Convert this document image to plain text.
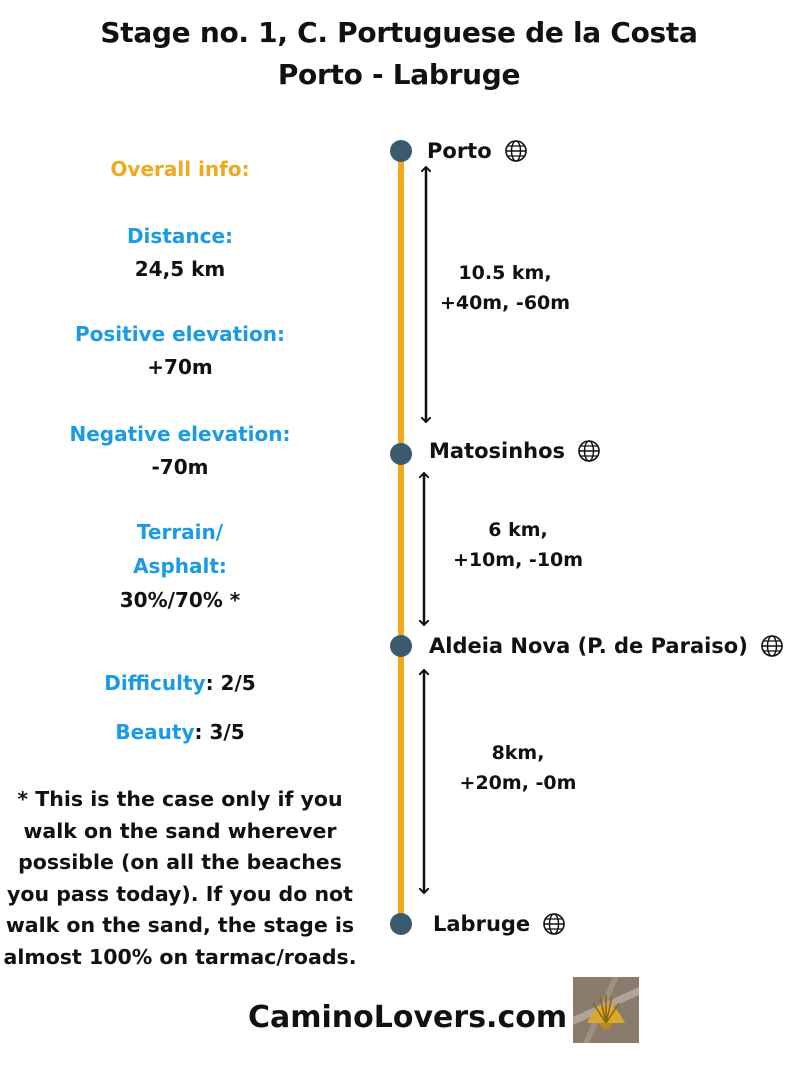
Stage no. 1, C. Portuguese de la Costa
Porto - Labruge
Overall info:
Distance:
24,5 km
Positive elevation:
+70m
Negative elevation:
-70m
Terrain/
Asphalt:
30%/70% *
Difficulty: 2/5
Beauty: 3/5
* This is the case only if you
walk on the sand wherever
possible (on all the beaches
you pass today). If you do not
walk on the sand, the stage is
almost 100% on tarmac/roads.
Porto
Matosinhos
Aldeia Nova (P. de Paraiso)
Labruge
10.5 km,
+40m, -60m
6 km,
+10m, -10m
8km,
+20m, -0m
CaminoLovers.com
